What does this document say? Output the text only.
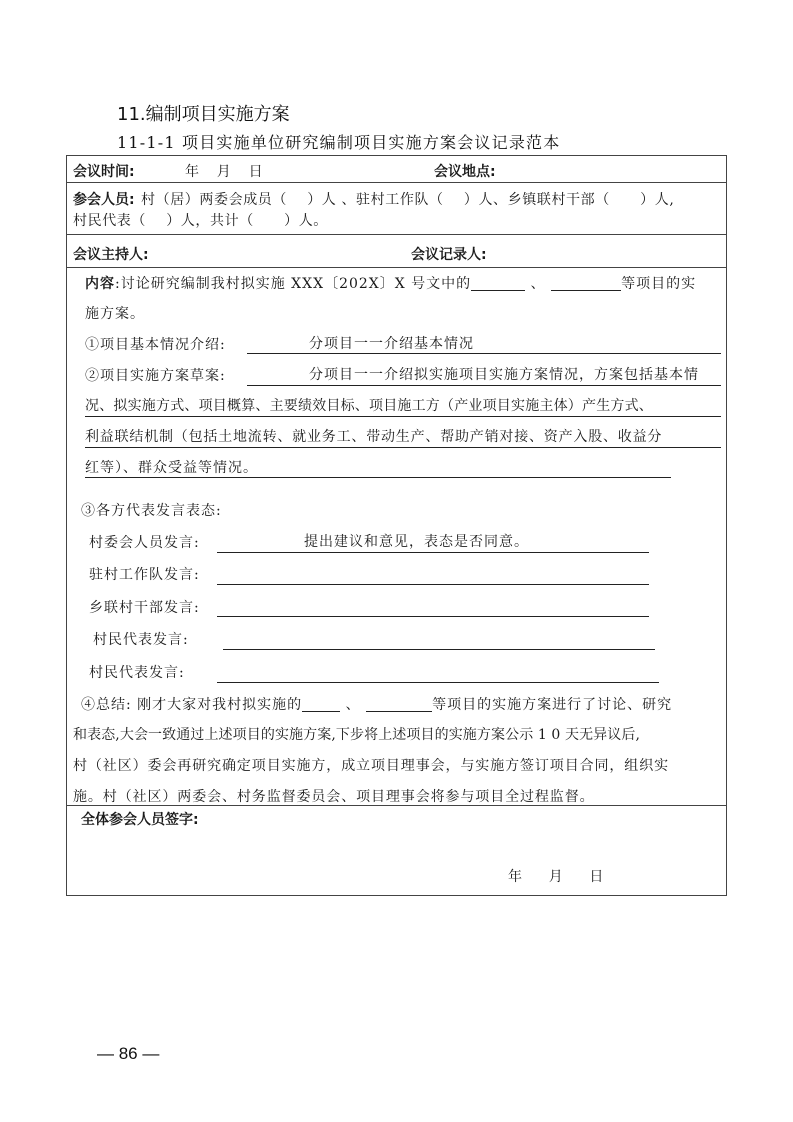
11.编制项目实施方案
11-1-1 项目实施单位研究编制项目实施方案会议记录范本
会议时间:	年    月    日	会议地点:
参会人员: 村（居）两委会成员（    ）人 、驻村工作队（    ）人、乡镇联村干部（      ）人,
村民代表（    ）人，共计（      ）人。
会议主持人:	会议记录人:
内容:讨论研究编制我村拟实施 XXX〔202X〕X 号文中的	、	等项目的实
施方案。
①项目基本情况介绍:	分项目一一介绍基本情况
②项目实施方案草案:	分项目一一介绍拟实施项目实施方案情况，方案包括基本情
况、拟实施方式、项目概算、主要绩效目标、项目施工方（产业项目实施主体）产生方式、
利益联结机制（包括土地流转、就业务工、带动生产、帮助产销对接、资产入股、收益分
红等）、群众受益等情况。
③各方代表发言表态:
村委会人员发言:	提出建议和意见，表态是否同意。
驻村工作队发言:
乡联村干部发言:
村民代表发言:
村民代表发言:
④总结: 刚才大家对我村拟实施的	、	等项目的实施方案进行了讨论、研究
和表态,大会一致通过上述项目的实施方案,下步将上述项目的实施方案公示 1 0 天无异议后,
村（社区）委会再研究确定项目实施方，成立项目理事会，与实施方签订项目合同，组织实
施。村（社区）两委会、村务监督委员会、项目理事会将参与项目全过程监督。
全体参会人员签字:
年      月      日
— 86 —
